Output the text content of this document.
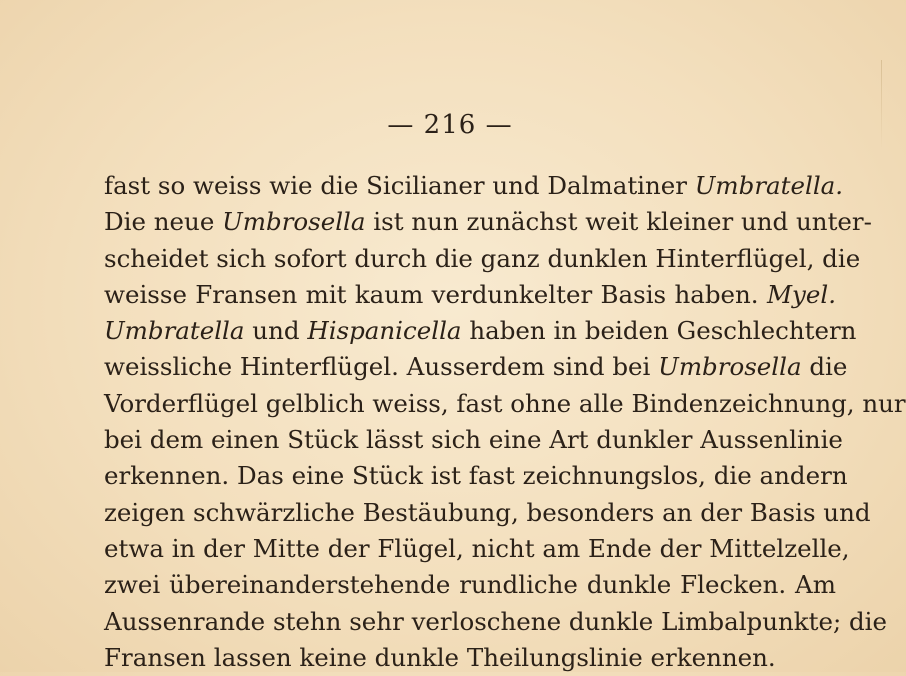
— 216 —
fast so weiss wie die Sicilianer und Dalmatiner Umbratella.
Die neue Umbrosella ist nun zunächst weit kleiner und unter-
scheidet sich sofort durch die ganz dunklen Hinterflügel, die
weisse Fransen mit kaum verdunkelter Basis haben. Myel.
Umbratella und Hispanicella haben in beiden Geschlechtern
weissliche Hinterflügel. Ausserdem sind bei Umbrosella die
Vorderflügel gelblich weiss, fast ohne alle Bindenzeichnung, nur
bei dem einen Stück lässt sich eine Art dunkler Aussenlinie
erkennen. Das eine Stück ist fast zeichnungslos, die andern
zeigen schwärzliche Bestäubung, besonders an der Basis und
etwa in der Mitte der Flügel, nicht am Ende der Mittelzelle,
zwei übereinanderstehende rundliche dunkle Flecken. Am
Aussenrande stehn sehr verloschene dunkle Limbalpunkte; die
Fransen lassen keine dunkle Theilungslinie erkennen.
